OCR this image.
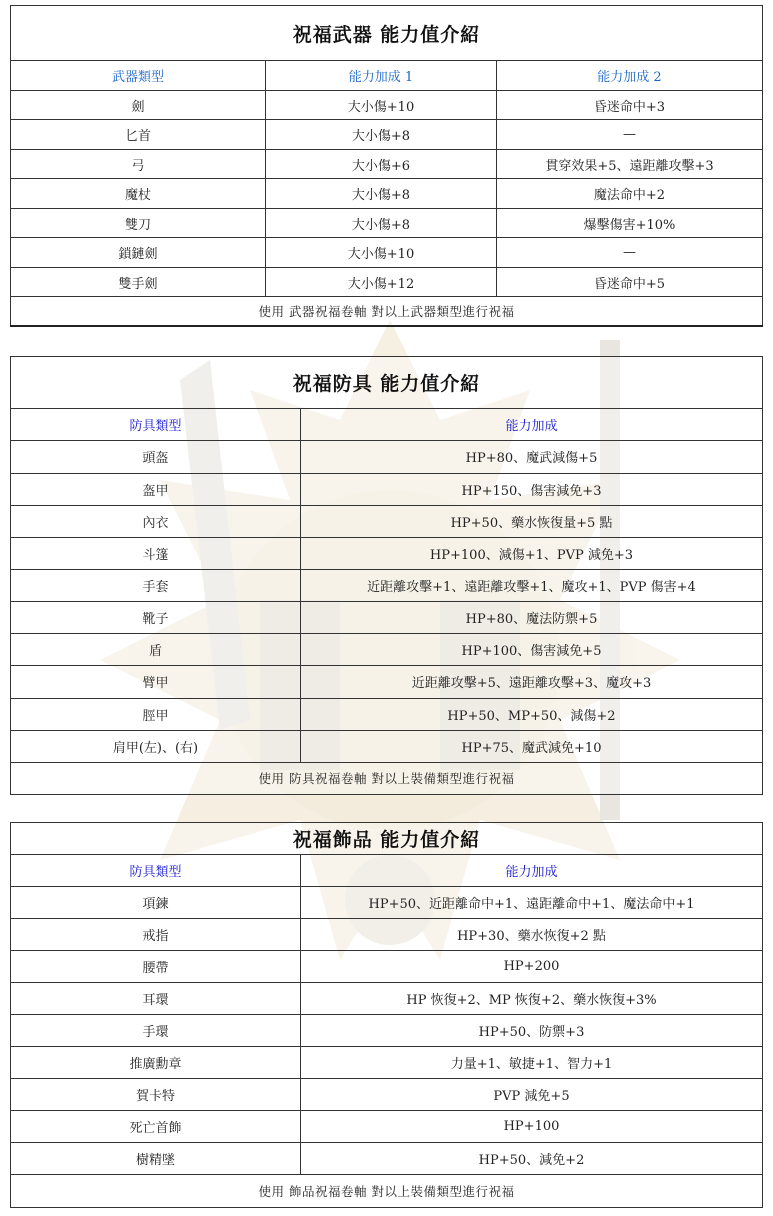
祝福武器 能力值介紹		
武器類型	能力加成 1	能力加成 2
劍	大小傷+10	昏迷命中+3
匕首	大小傷+8	—
弓	大小傷+6	貫穿效果+5、遠距離攻擊+3
魔杖	大小傷+8	魔法命中+2
雙刀	大小傷+8	爆擊傷害+10%
鎖鏈劍	大小傷+10	—
雙手劍	大小傷+12	昏迷命中+5
使用 武器祝福卷軸 對以上武器類型進行祝福		
祝福防具 能力值介紹	
防具類型	能力加成
頭盔	HP+80、魔武減傷+5
盔甲	HP+150、傷害減免+3
內衣	HP+50、藥水恢復量+5 點
斗篷	HP+100、減傷+1、PVP 減免+3
手套	近距離攻擊+1、遠距離攻擊+1、魔攻+1、PVP 傷害+4
靴子	HP+80、魔法防禦+5
盾	HP+100、傷害減免+5
臂甲	近距離攻擊+5、遠距離攻擊+3、魔攻+3
脛甲	HP+50、MP+50、減傷+2
肩甲(左)、(右)	HP+75、魔武減免+10
使用 防具祝福卷軸 對以上裝備類型進行祝福	
祝福飾品 能力值介紹	
防具類型	能力加成
項鍊	HP+50、近距離命中+1、遠距離命中+1、魔法命中+1
戒指	HP+30、藥水恢復+2 點
腰帶	HP+200
耳環	HP 恢復+2、MP 恢復+2、藥水恢復+3%
手環	HP+50、防禦+3
推廣勳章	力量+1、敏捷+1、智力+1
賀卡特	PVP 減免+5
死亡首飾	HP+100
樹精墜	HP+50、減免+2
使用 飾品祝福卷軸 對以上裝備類型進行祝福	
